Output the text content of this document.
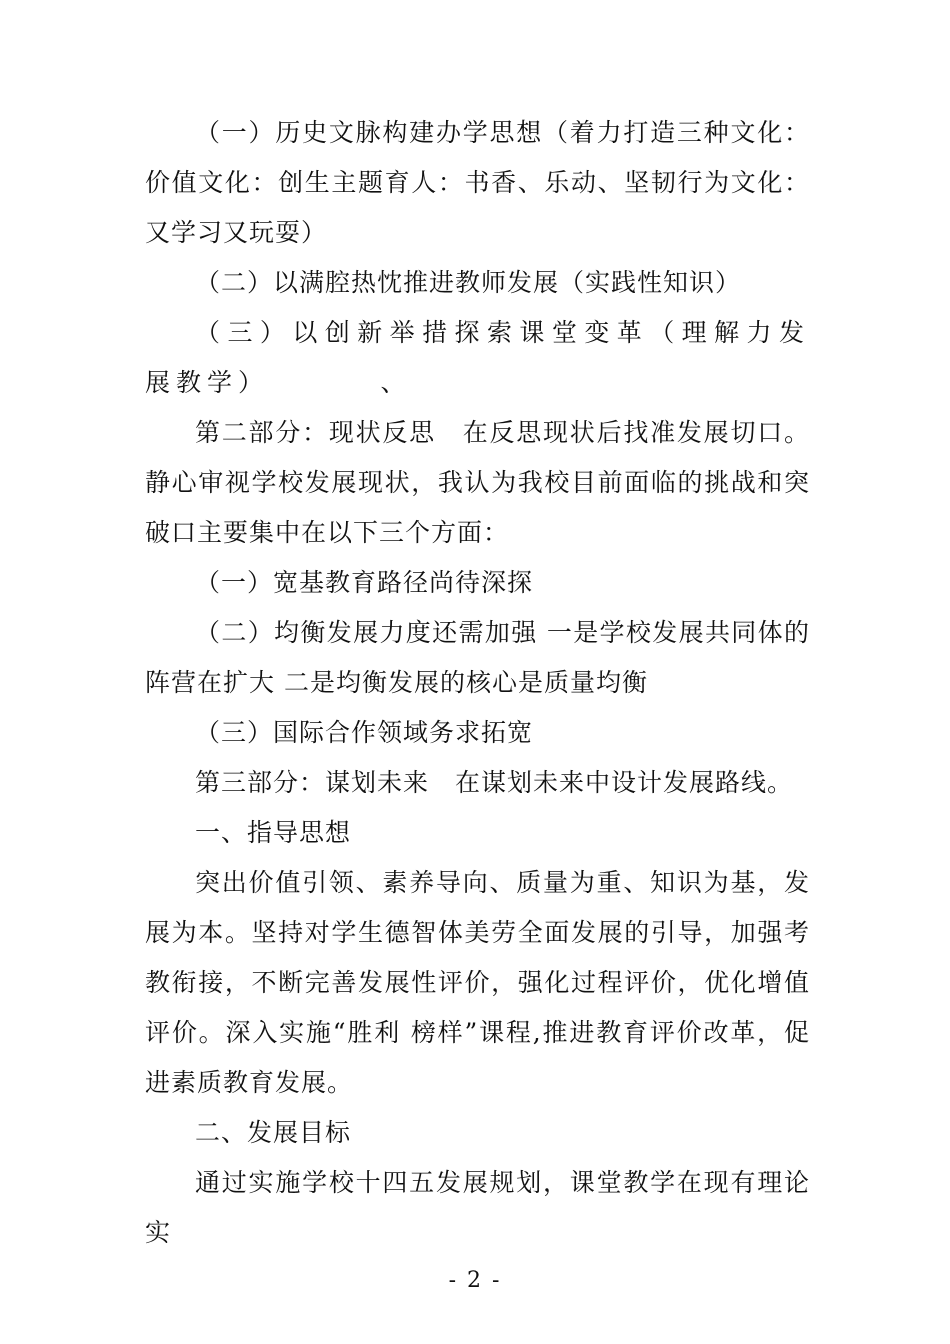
（一）历史文脉构建办学思想（着力打造三种文化：价值文化：创生主题育人：书香、乐动、坚韧行为文化：又学习又玩耍）

（二）以满腔热忱推进教师发展（实践性知识）

（三）以创新举措探索课堂变革（理解力发展教学）　　　　、

第二部分：现状反思　在反思现状后找准发展切口。静心审视学校发展现状，我认为我校目前面临的挑战和突破口主要集中在以下三个方面：

（一）宽基教育路径尚待深探

（二）均衡发展力度还需加强 一是学校发展共同体的阵营在扩大 二是均衡发展的核心是质量均衡

（三）国际合作领域务求拓宽

第三部分：谋划未来　在谋划未来中设计发展路线。

一、指导思想

突出价值引领、素养导向、质量为重、知识为基，发展为本。坚持对学生德智体美劳全面发展的引导，加强考教衔接，不断完善发展性评价，强化过程评价，优化增值评价。深入实施“胜利 榜样”课程,推进教育评价改革，促进素质教育发展。

二、发展目标

通过实施学校十四五发展规划，课堂教学在现有理论实

- 2 -
